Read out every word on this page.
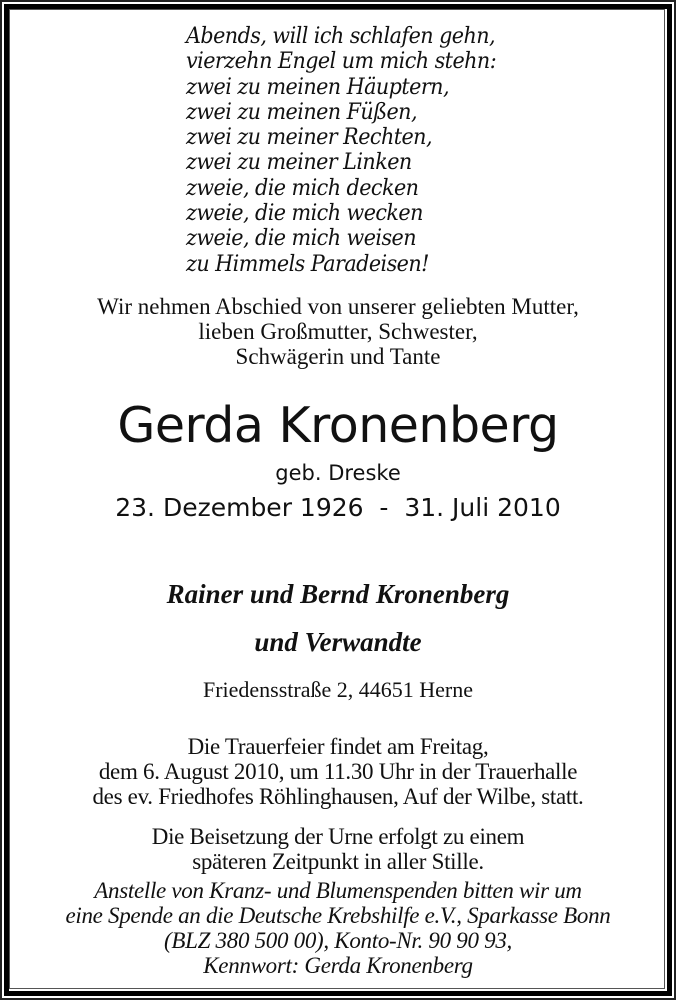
Abends, will ich schlafen gehn,
vierzehn Engel um mich stehn:
zwei zu meinen Häuptern,
zwei zu meinen Füßen,
zwei zu meiner Rechten,
zwei zu meiner Linken
zweie, die mich decken
zweie, die mich wecken
zweie, die mich weisen
zu Himmels Paradeisen!
Wir nehmen Abschied von unserer geliebten Mutter,
lieben Großmutter, Schwester,
Schwägerin und Tante
Gerda Kronenberg
geb. Dreske
23. Dezember 1926  -  31. Juli 2010
Rainer und Bernd Kronenberg
und Verwandte
Friedensstraße 2, 44651 Herne
Die Trauerfeier findet am Freitag,
dem 6. August 2010, um 11.30 Uhr in der Trauerhalle
des ev. Friedhofes Röhlinghausen, Auf der Wilbe, statt.
Die Beisetzung der Urne erfolgt zu einem
späteren Zeitpunkt in aller Stille.
Anstelle von Kranz- und Blumenspenden bitten wir um
eine Spende an die Deutsche Krebshilfe e.V., Sparkasse Bonn
(BLZ 380 500 00), Konto-Nr. 90 90 93,
Kennwort: Gerda Kronenberg
